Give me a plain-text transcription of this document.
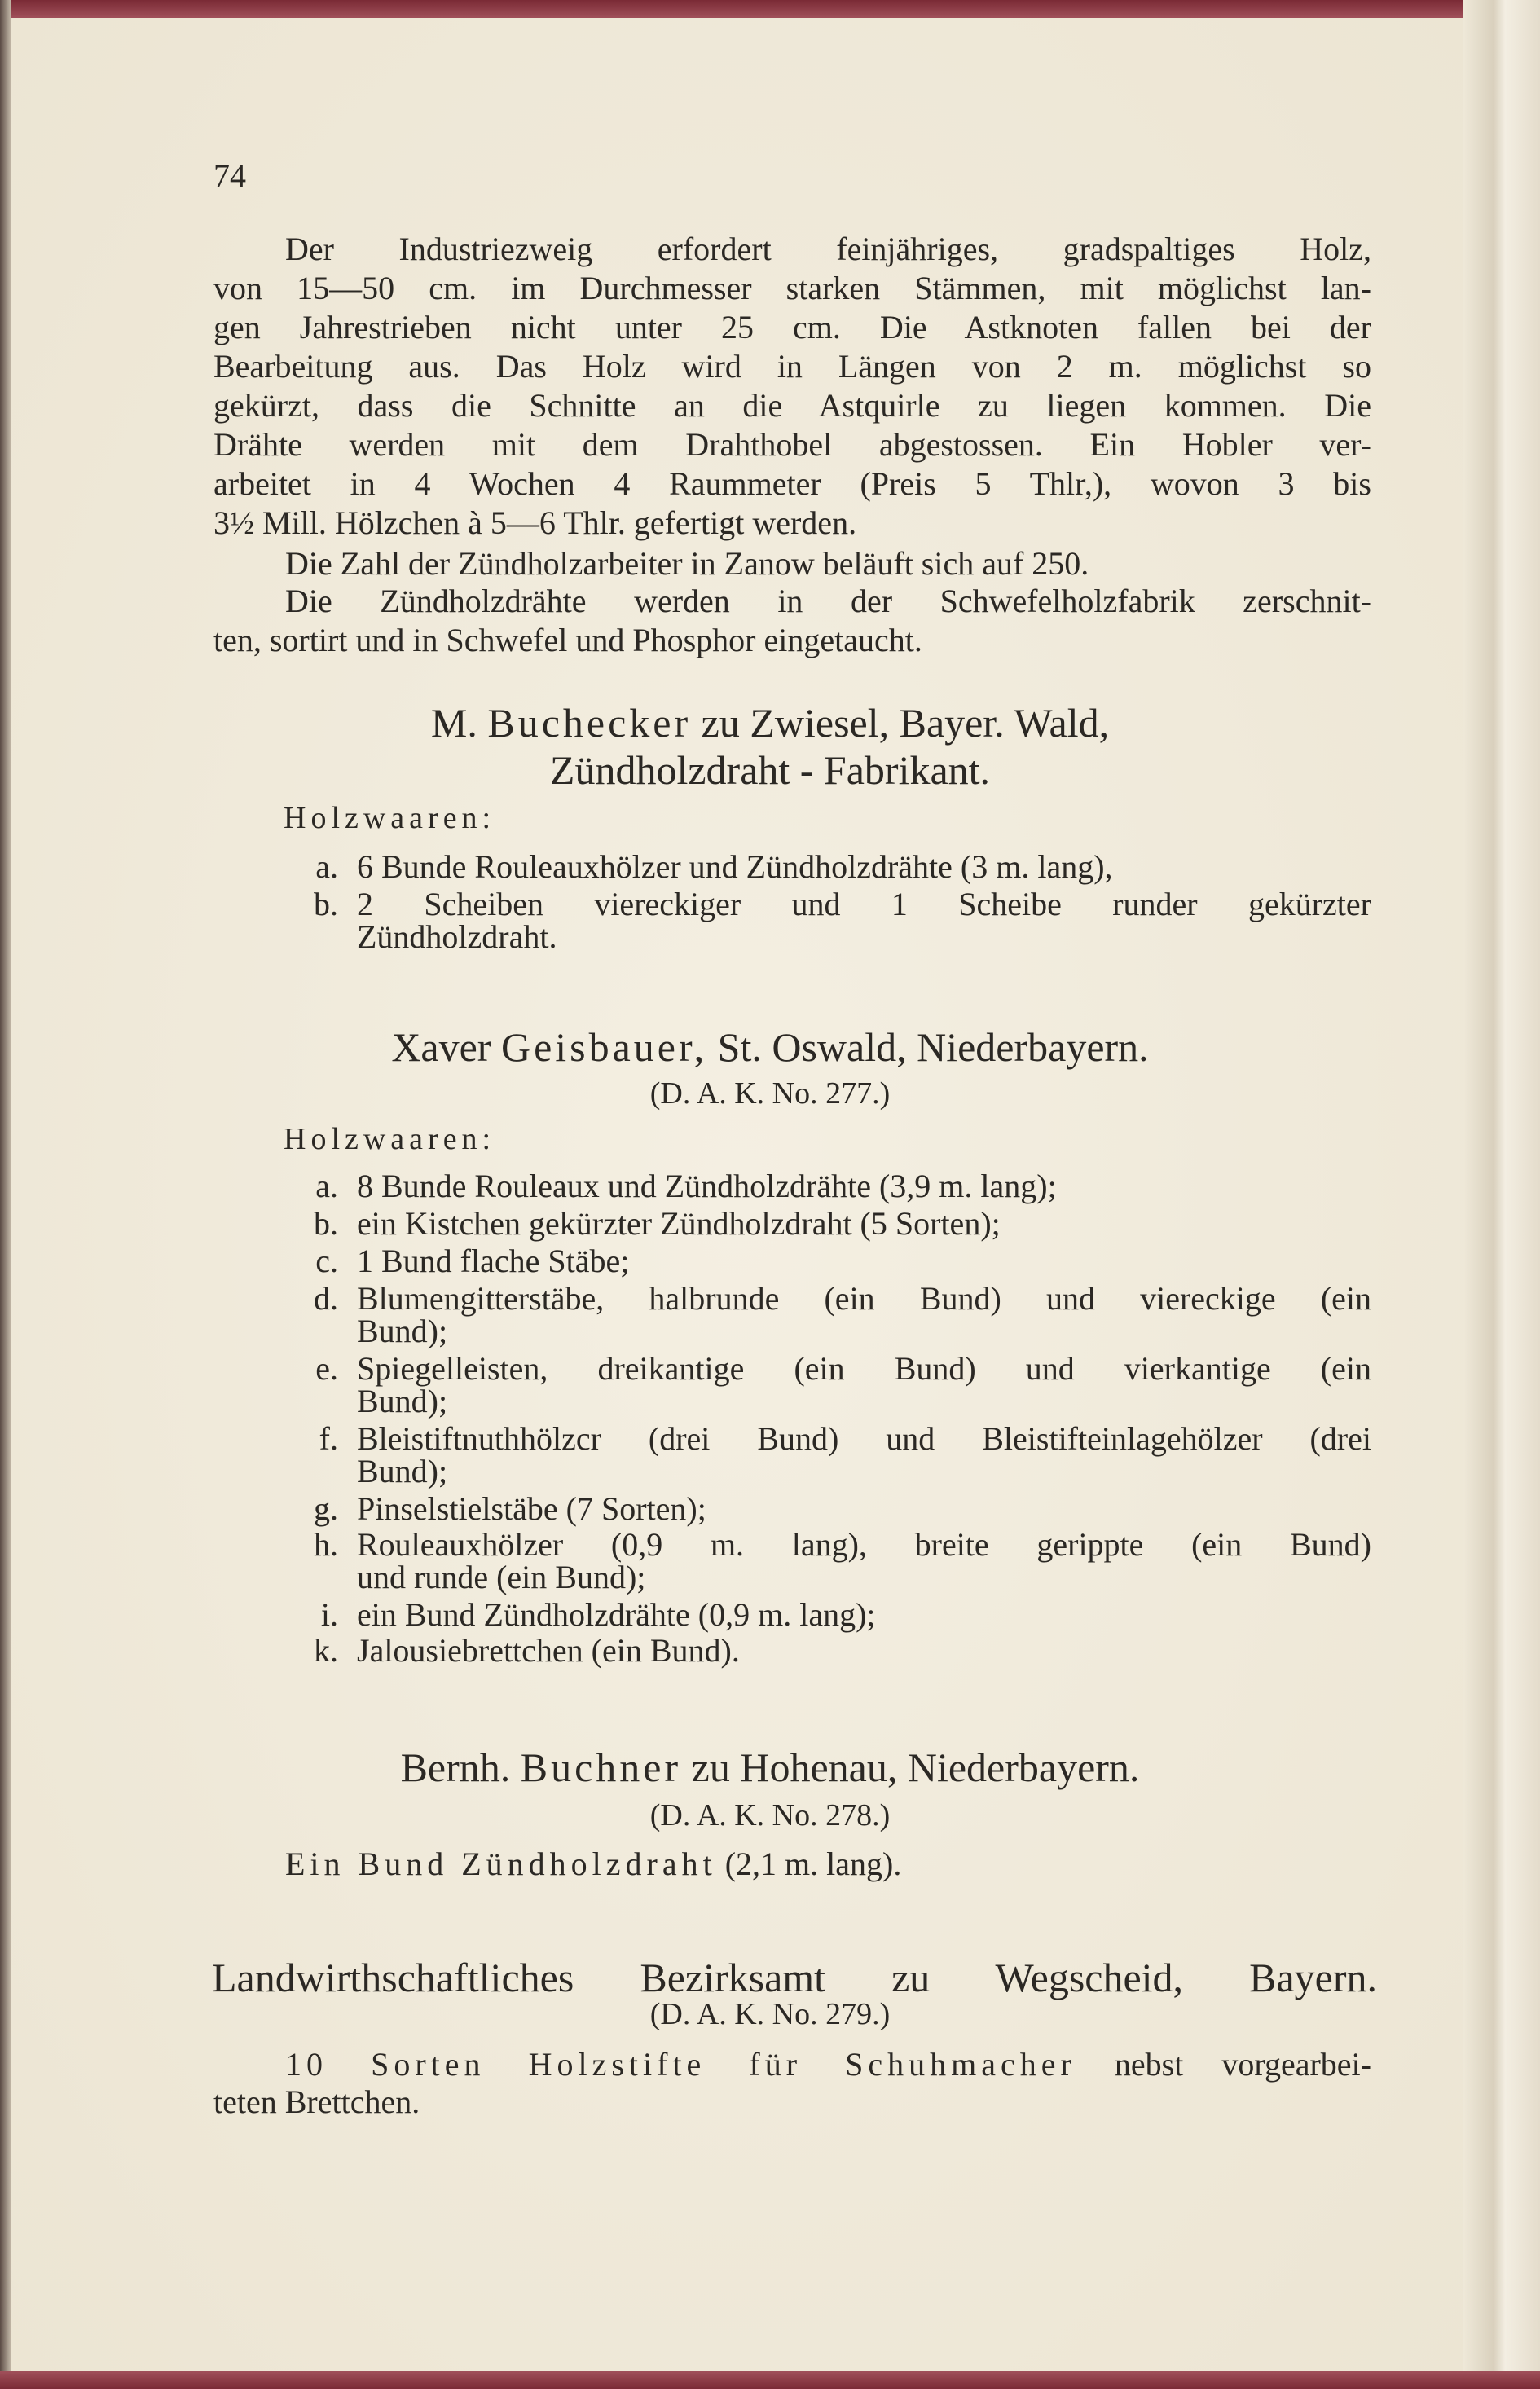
74
Der Industriezweig erfordert feinjähriges, gradspaltiges Holz,
von 15—50 cm. im Durchmesser starken Stämmen, mit möglichst lan-
gen Jahrestrieben nicht unter 25 cm. Die Astknoten fallen bei der
Bearbeitung aus. Das Holz wird in Längen von 2 m. möglichst so
gekürzt, dass die Schnitte an die Astquirle zu liegen kommen. Die
Drähte werden mit dem Drahthobel abgestossen. Ein Hobler ver-
arbeitet in 4 Wochen 4 Raummeter (Preis 5 Thlr,), wovon 3 bis
3½ Mill. Hölzchen à 5—6 Thlr. gefertigt werden.
Die Zahl der Zündholzarbeiter in Zanow beläuft sich auf 250.
Die Zündholzdrähte werden in der Schwefelholzfabrik zerschnit-
ten, sortirt und in Schwefel und Phosphor eingetaucht.
M. Buchecker zu Zwiesel, Bayer. Wald,
Zündholzdraht - Fabrikant.
Holzwaaren:
a. 6 Bunde Rouleauxhölzer und Zündholzdrähte (3 m. lang),
b. 2 Scheiben viereckiger und 1 Scheibe runder gekürzter
Zündholzdraht.
Xaver Geisbauer, St. Oswald, Niederbayern.
(D. A. K. No. 277.)
Holzwaaren:
a. 8 Bunde Rouleaux und Zündholzdrähte (3,9 m. lang);
b. ein Kistchen gekürzter Zündholzdraht (5 Sorten);
c. 1 Bund flache Stäbe;
d. Blumengitterstäbe, halbrunde (ein Bund) und viereckige (ein
Bund);
e. Spiegelleisten, dreikantige (ein Bund) und vierkantige (ein
Bund);
f. Bleistiftnuthhölzcr (drei Bund) und Bleistifteinlagehölzer (drei
Bund);
g. Pinselstielstäbe (7 Sorten);
h. Rouleauxhölzer (0,9 m. lang), breite gerippte (ein Bund)
und runde (ein Bund);
i. ein Bund Zündholzdrähte (0,9 m. lang);
k. Jalousiebrettchen (ein Bund).
Bernh. Buchner zu Hohenau, Niederbayern.
(D. A. K. No. 278.)
Ein Bund Zündholzdraht (2,1 m. lang).
Landwirthschaftliches Bezirksamt zu Wegscheid, Bayern.
(D. A. K. No. 279.)
10 Sorten Holzstifte für Schuhmacher nebst vorgearbei-
teten Brettchen.
